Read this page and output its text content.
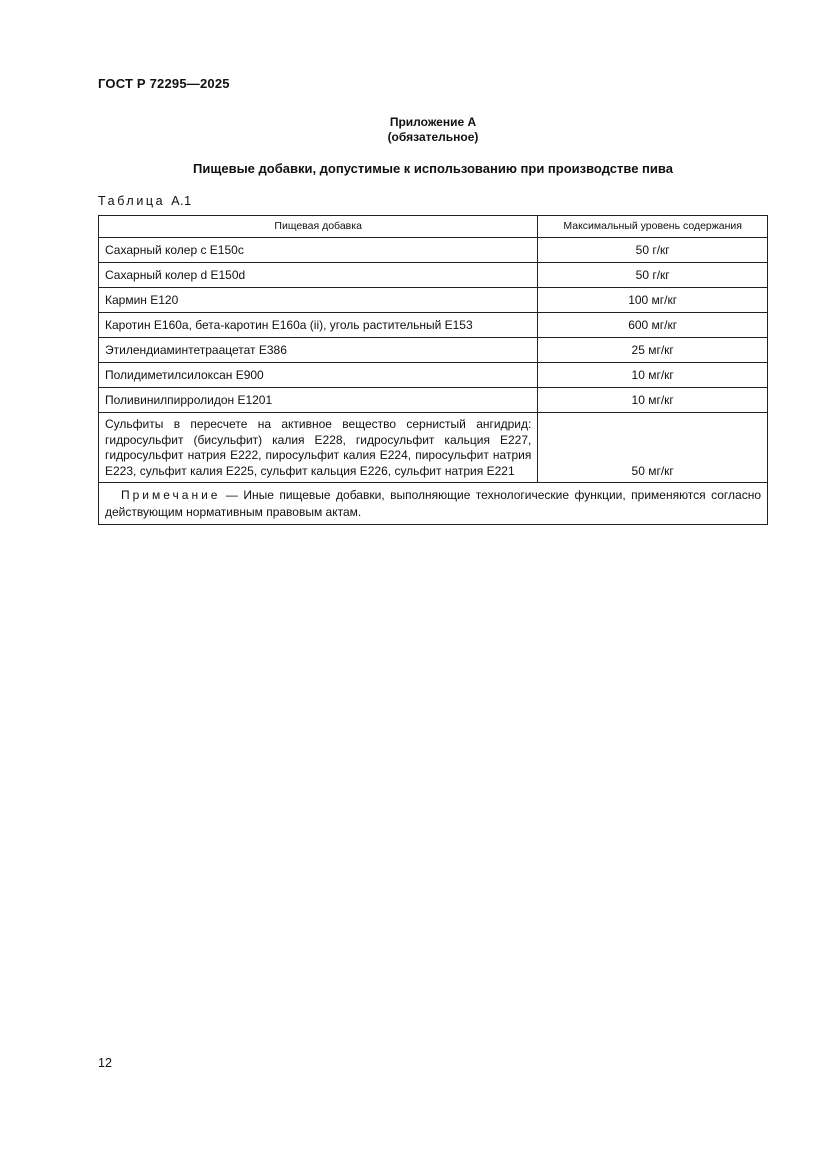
ГОСТ Р 72295—2025
Приложение А
(обязательное)
Пищевые добавки, допустимые к использованию при производстве пива
Таблица А.1
Пищевая добавка	Максимальный уровень содержания
Сахарный колер с Е150с	50 г/кг
Сахарный колер d Е150d	50 г/кг
Кармин Е120	100 мг/кг
Каротин Е160а, бета-каротин Е160а (ii), уголь растительный Е153	600 мг/кг
Этилендиаминтетраацетат Е386	25 мг/кг
Полидиметилсилоксан Е900	10 мг/кг
Поливинилпирролидон Е1201	10 мг/кг
Сульфиты в пересчете на активное вещество сернистый ангидрид: гидросульфит (бисульфит) калия Е228, гидросульфит кальция Е227, гидросульфит натрия Е222, пиросульфит калия Е224, пиросульфит натрия Е223, сульфит калия Е225, сульфит кальция Е226, сульфит натрия Е221	50 мг/кг
Примечание — Иные пищевые добавки, выполняющие технологические функции, применяются согласно действующим нормативным правовым актам.	
12
